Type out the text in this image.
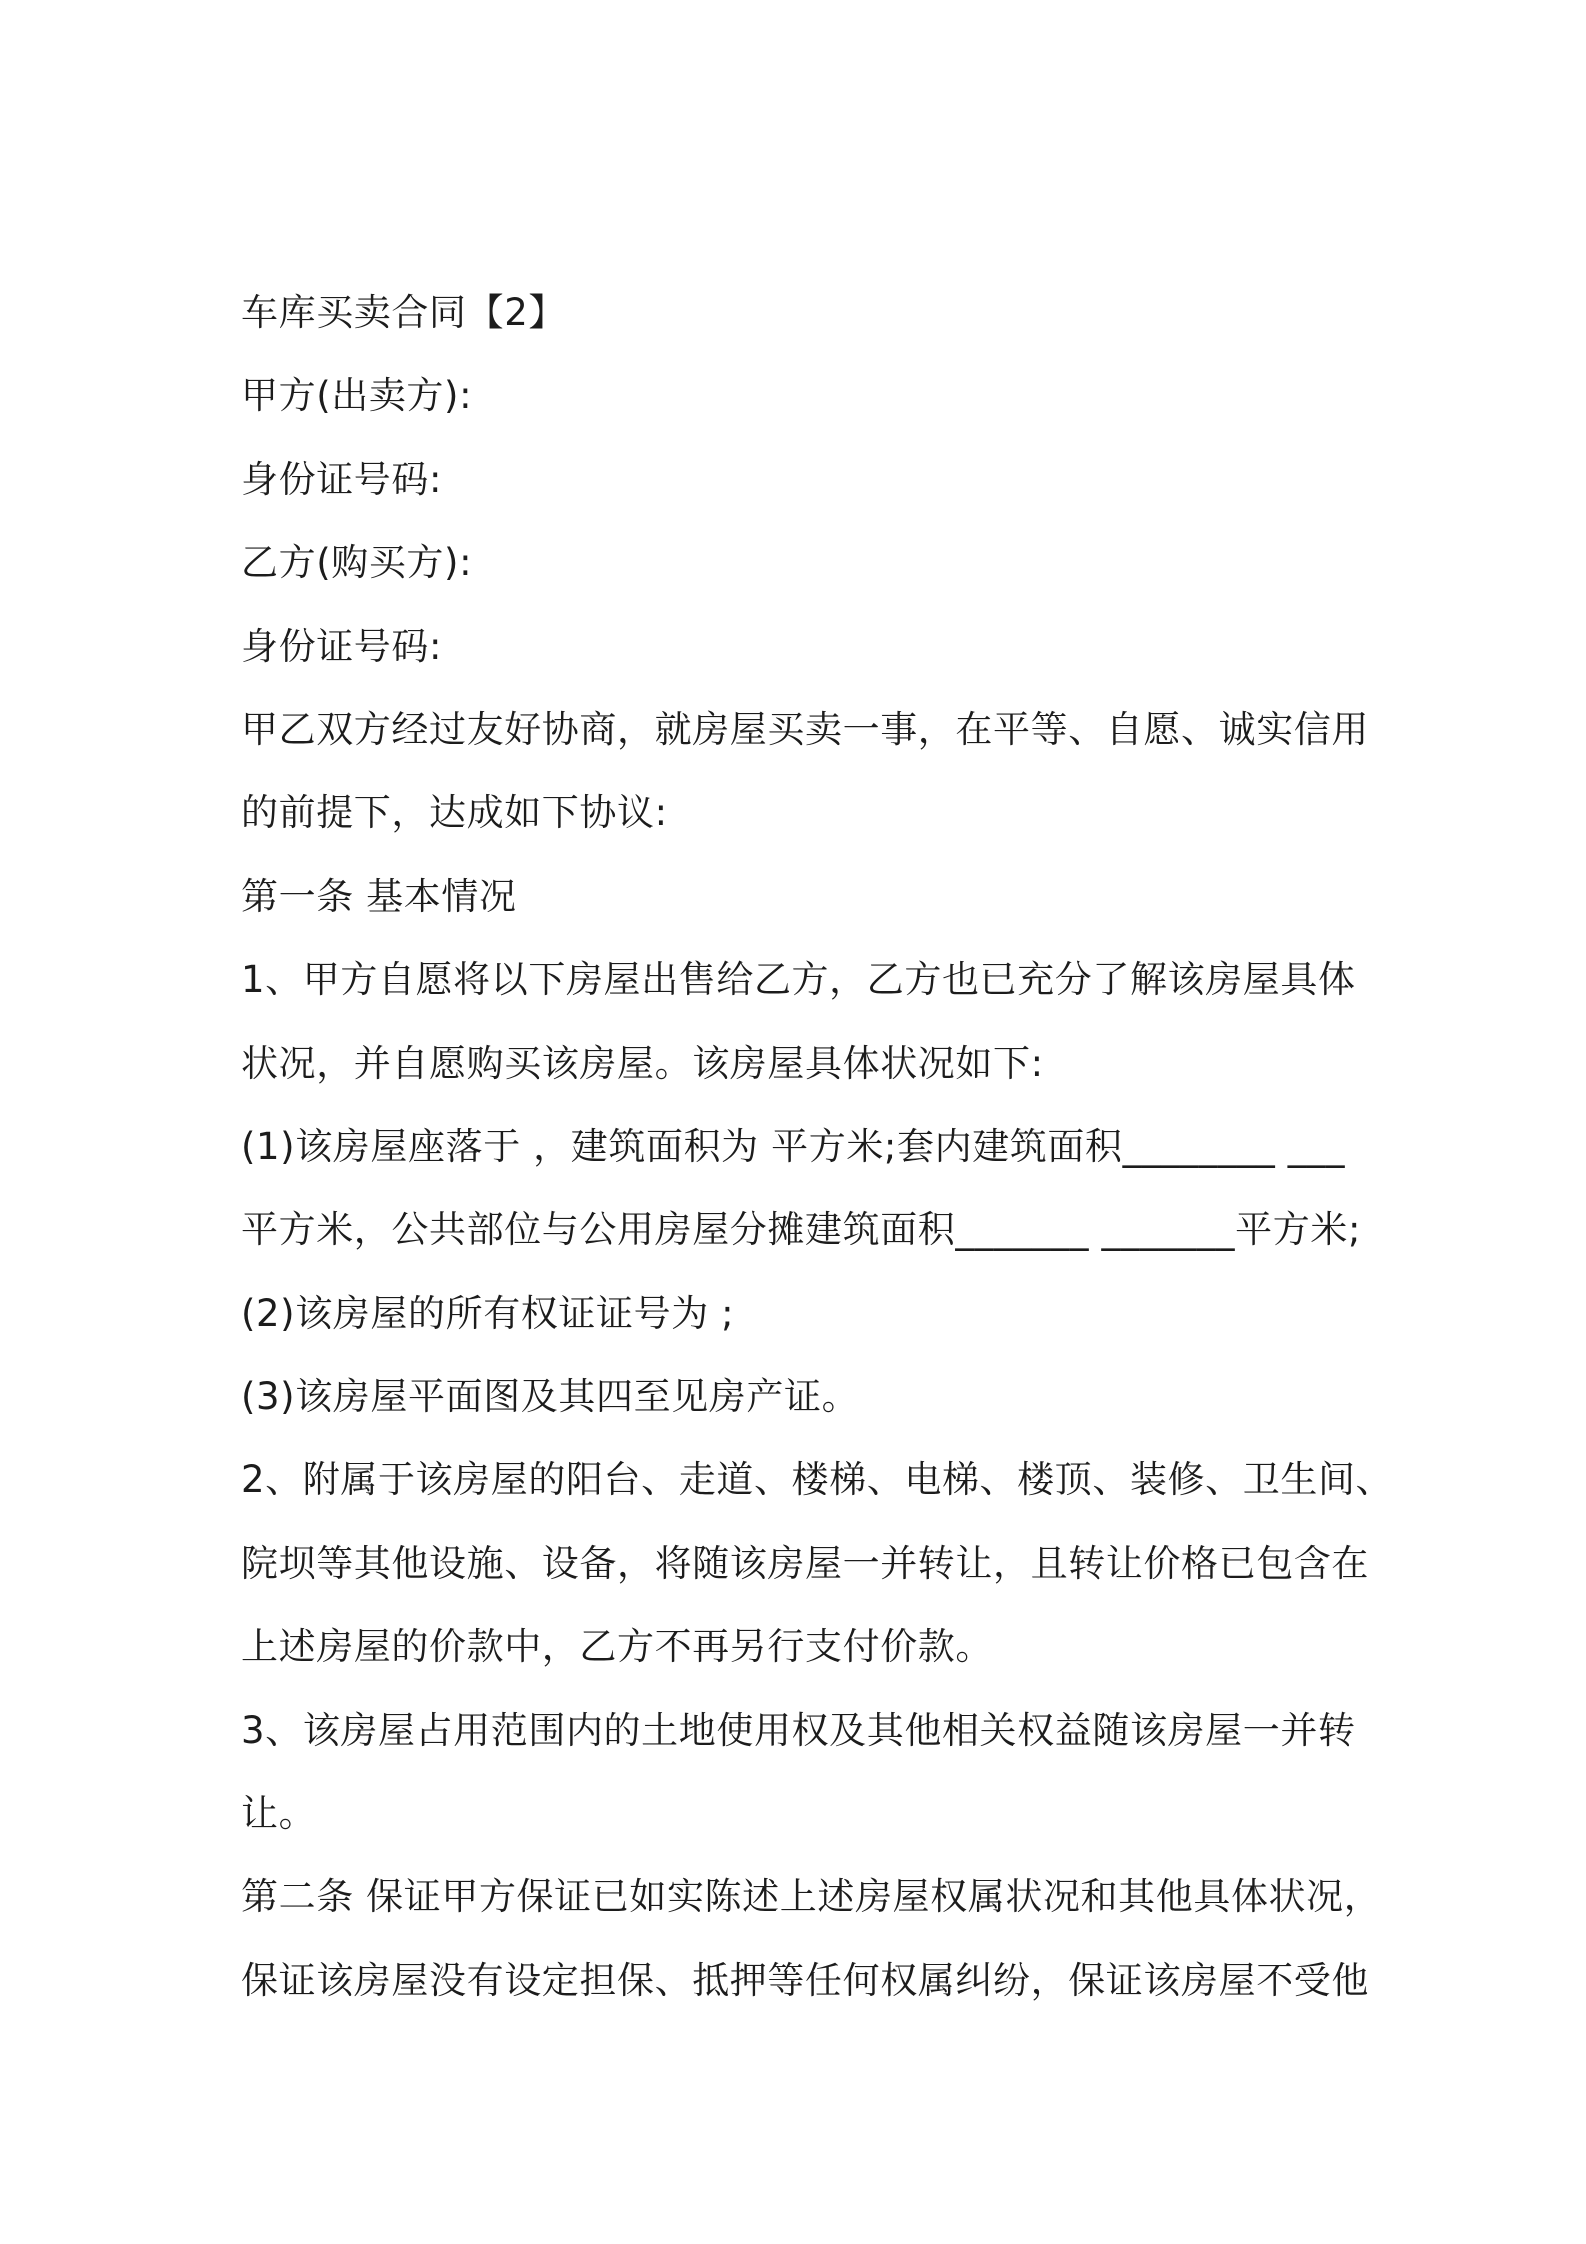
车库买卖合同【2】
甲方(出卖方):
身份证号码:
乙方(购买方):
身份证号码:
甲乙双方经过友好协商，就房屋买卖一事，在平等、自愿、诚实信用
的前提下，达成如下协议:
第一条 基本情况
1、甲方自愿将以下房屋出售给乙方，乙方也已充分了解该房屋具体
状况，并自愿购买该房屋。该房屋具体状况如下:
(1)该房屋座落于 ，建筑面积为 平方米;套内建筑面积________ ___
平方米，公共部位与公用房屋分摊建筑面积_______ _______平方米;
(2)该房屋的所有权证证号为 ;
(3)该房屋平面图及其四至见房产证。
2、附属于该房屋的阳台、走道、楼梯、电梯、楼顶、装修、卫生间、
院坝等其他设施、设备，将随该房屋一并转让，且转让价格已包含在
上述房屋的价款中，乙方不再另行支付价款。
3、该房屋占用范围内的土地使用权及其他相关权益随该房屋一并转
让。
第二条 保证甲方保证已如实陈述上述房屋权属状况和其他具体状况，
保证该房屋没有设定担保、抵押等任何权属纠纷，保证该房屋不受他
